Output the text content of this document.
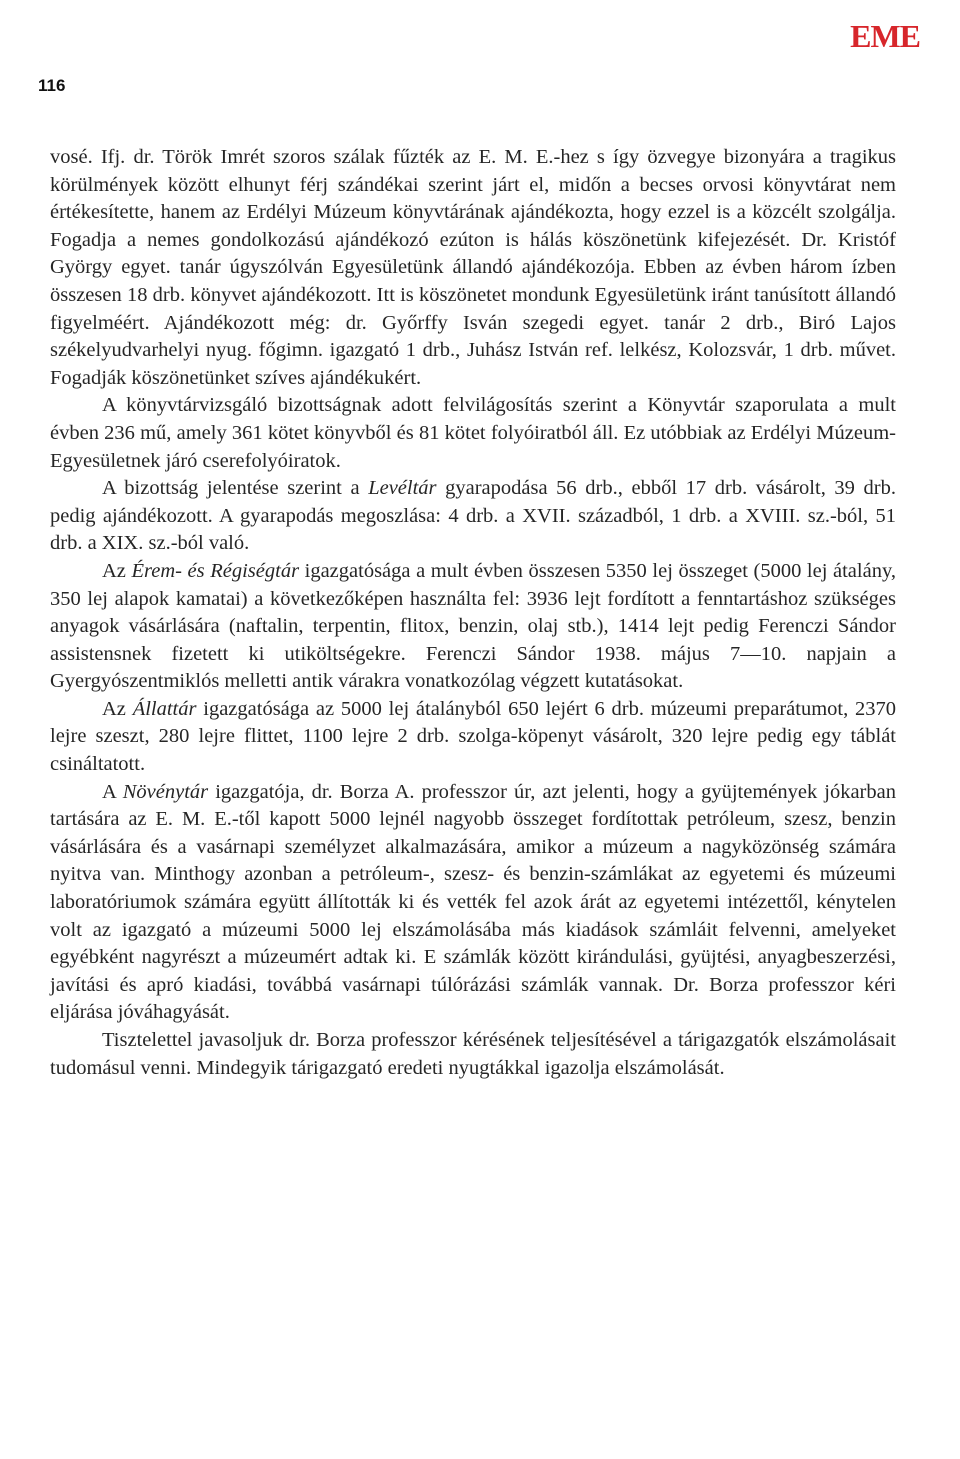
EME
116

vosé. Ifj. dr. Török Imrét szoros szálak fűzték az E. M. E.-hez s így özvegye bizonyára a tragikus körülmények között elhunyt férj szándékai szerint járt el, midőn a becses orvosi könyvtárat nem értékesítette, hanem az Erdélyi Múzeum könyvtárának ajándékozta, hogy ezzel is a közcélt szolgálja. Fogadja a nemes gondolkozású ajándékozó ezúton is hálás köszönetünk kifejezését. Dr. Kristóf György egyet. tanár úgyszólván Egyesületünk állandó ajándékozója. Ebben az évben három ízben összesen 18 drb. könyvet ajándékozott. Itt is köszönetet mondunk Egyesületünk iránt tanúsított állandó figyelméért. Ajándékozott még: dr. Győrffy Isván szegedi egyet. tanár 2 drb., Biró Lajos székelyudvarhelyi nyug. főgimn. igazgató 1 drb., Juhász István ref. lelkész, Kolozsvár, 1 drb. művet. Fogadják köszönetünket szíves ajándékukért.

A könyvtárvizsgáló bizottságnak adott felvilágosítás szerint a Könyvtár szaporulata a mult évben 236 mű, amely 361 kötet könyvből és 81 kötet folyóiratból áll. Ez utóbbiak az Erdélyi Múzeum-Egyesületnek járó cserefolyóiratok.

A bizottság jelentése szerint a Levéltár gyarapodása 56 drb., ebből 17 drb. vásárolt, 39 drb. pedig ajándékozott. A gyarapodás megoszlása: 4 drb. a XVII. századból, 1 drb. a XVIII. sz.-ból, 51 drb. a XIX. sz.-ból való.

Az Érem- és Régiségtár igazgatósága a mult évben összesen 5350 lej összeget (5000 lej átalány, 350 lej alapok kamatai) a következőképen használta fel: 3936 lejt fordított a fenntartáshoz szükséges anyagok vásárlására (naftalin, terpentin, flitox, benzin, olaj stb.), 1414 lejt pedig Ferenczi Sándor assistensnek fizetett ki utiköltségekre. Ferenczi Sándor 1938. május 7—10. napjain a Gyergyószentmiklós melletti antik várakra vonatkozólag végzett kutatásokat.

Az Állattár igazgatósága az 5000 lej átalányból 650 lejért 6 drb. múzeumi preparátumot, 2370 lejre szeszt, 280 lejre flittet, 1100 lejre 2 drb. szolga-köpenyt vásárolt, 320 lejre pedig egy táblát csináltatott.

A Növénytár igazgatója, dr. Borza A. professzor úr, azt jelenti, hogy a gyüjtemények jókarban tartására az E. M. E.-től kapott 5000 lejnél nagyobb összeget fordítottak petróleum, szesz, benzin vásárlására és a vasárnapi személyzet alkalmazására, amikor a múzeum a nagyközönség számára nyitva van. Minthogy azonban a petróleum-, szesz- és benzin-számlákat az egyetemi és múzeumi laboratóriumok számára együtt állították ki és vették fel azok árát az egyetemi intézettől, kénytelen volt az igazgató a múzeumi 5000 lej elszámolásába más kiadások számláit felvenni, amelyeket egyébként nagyrészt a múzeumért adtak ki. E számlák között kirándulási, gyüjtési, anyagbeszerzési, javítási és apró kiadási, továbbá vasárnapi túlórázási számlák vannak. Dr. Borza professzor kéri eljárása jóváhagyását.

Tisztelettel javasoljuk dr. Borza professzor kérésének teljesítésével a tárigazgatók elszámolásait tudomásul venni. Mindegyik tárigazgató eredeti nyugtákkal igazolja elszámolását.
